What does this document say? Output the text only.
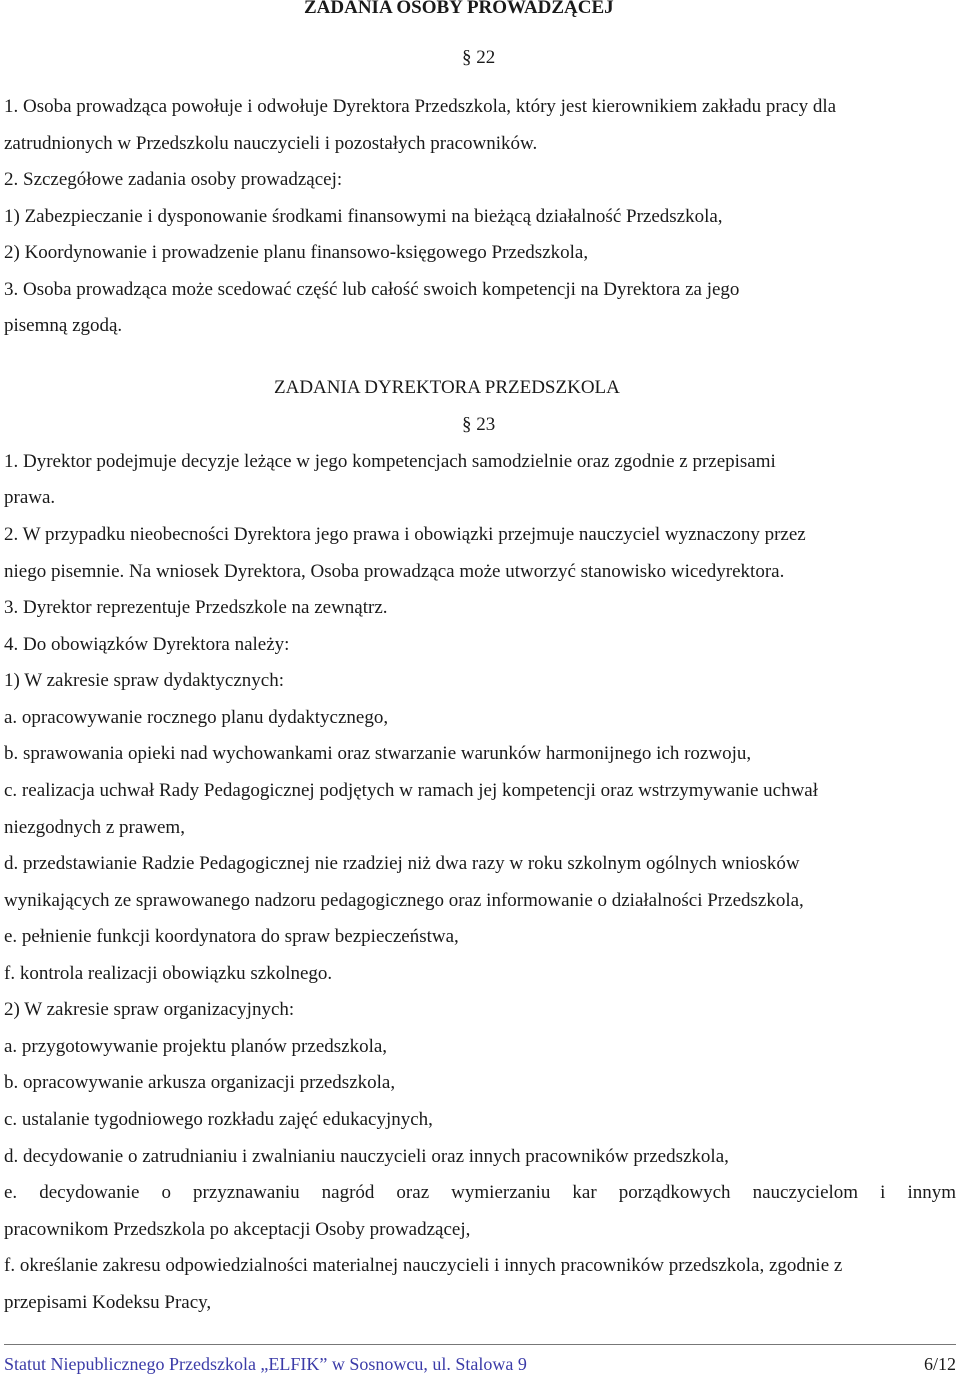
ZADANIA OSOBY PROWADZĄCEJ
§ 22
1. Osoba prowadząca powołuje i odwołuje Dyrektora Przedszkola, który jest kierownikiem zakładu pracy dla
zatrudnionych w Przedszkolu nauczycieli i pozostałych pracowników.
2. Szczegółowe zadania osoby prowadzącej:
1) Zabezpieczanie i dysponowanie środkami finansowymi na bieżącą działalność Przedszkola,
2) Koordynowanie i prowadzenie planu finansowo-księgowego Przedszkola,
3. Osoba prowadząca może scedować część lub całość swoich kompetencji na Dyrektora za jego
pisemną zgodą.
ZADANIA DYREKTORA PRZEDSZKOLA
§ 23
1. Dyrektor podejmuje decyzje leżące w jego kompetencjach samodzielnie oraz zgodnie z przepisami
prawa.
2. W przypadku nieobecności Dyrektora jego prawa i obowiązki przejmuje nauczyciel wyznaczony przez
niego pisemnie. Na wniosek Dyrektora, Osoba prowadząca może utworzyć stanowisko wicedyrektora.
3. Dyrektor reprezentuje Przedszkole na zewnątrz.
4. Do obowiązków Dyrektora należy:
1) W zakresie spraw dydaktycznych:
a. opracowywanie rocznego planu dydaktycznego,
b. sprawowania opieki nad wychowankami oraz stwarzanie warunków harmonijnego ich rozwoju,
c. realizacja uchwał Rady Pedagogicznej podjętych w ramach jej kompetencji oraz wstrzymywanie uchwał
niezgodnych z prawem,
d. przedstawianie Radzie Pedagogicznej nie rzadziej niż dwa razy w roku szkolnym ogólnych wniosków
wynikających ze sprawowanego nadzoru pedagogicznego oraz informowanie o działalności Przedszkola,
e. pełnienie funkcji koordynatora do spraw bezpieczeństwa,
f. kontrola realizacji obowiązku szkolnego.
2) W zakresie spraw organizacyjnych:
a. przygotowywanie projektu planów przedszkola,
b. opracowywanie arkusza organizacji przedszkola,
c. ustalanie tygodniowego rozkładu zajęć edukacyjnych,
d. decydowanie o zatrudnianiu i zwalnianiu nauczycieli oraz innych pracowników przedszkola,
e. decydowanie o przyznawaniu nagród oraz wymierzaniu kar porządkowych nauczycielom i innym
pracownikom Przedszkola po akceptacji Osoby prowadzącej,
f. określanie zakresu odpowiedzialności materialnej nauczycieli i innych pracowników przedszkola, zgodnie z
przepisami Kodeksu Pracy,
Statut Niepublicznego Przedszkola „ELFIK” w Sosnowcu, ul. Stalowa 9	6/12
